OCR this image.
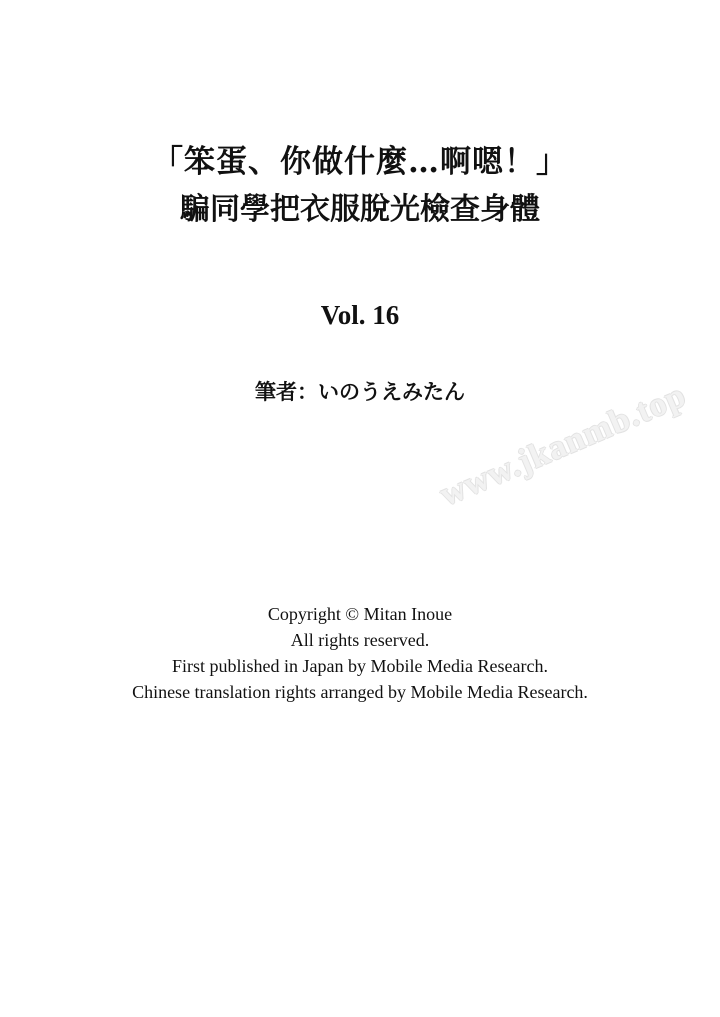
「笨蛋、你做什麼…啊嗯！」
騙同學把衣服脫光檢查身體
Vol. 16
筆者：いのうえみたん
www.jkanmb.top
Copyright © Mitan Inoue
All rights reserved.
First published in Japan by Mobile Media Research.
Chinese translation rights arranged by Mobile Media Research.
